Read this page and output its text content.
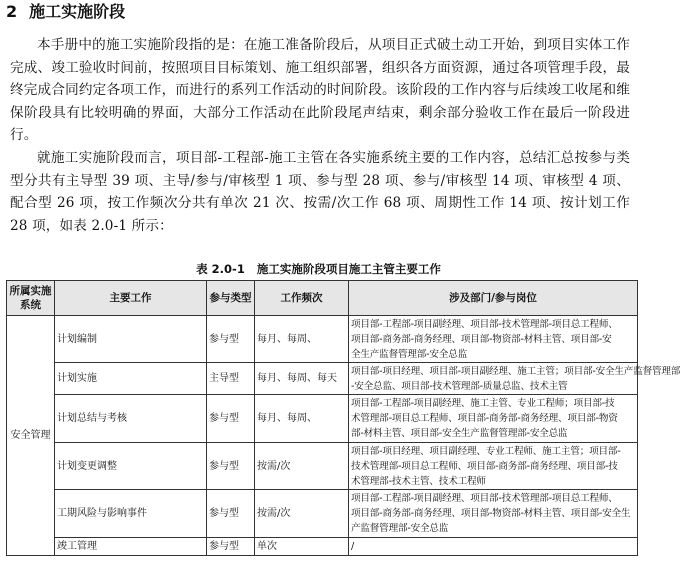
2 施工实施阶段

本手册中的施工实施阶段指的是：在施工准备阶段后，从项目正式破土动工开始，到项目实体工作完成、竣工验收时间前，按照项目目标策划、施工组织部署，组织各方面资源，通过各项管理手段，最终完成合同约定各项工作，而进行的系列工作活动的时间阶段。该阶段的工作内容与后续竣工收尾和维保阶段具有比较明确的界面，大部分工作活动在此阶段尾声结束，剩余部分验收工作在最后一阶段进行。

就施工实施阶段而言，项目部-工程部-施工主管在各实施系统主要的工作内容，总结汇总按参与类型分共有主导型 39 项、主导/参与/审核型 1 项、参与型 28 项、参与/审核型 14 项、审核型 4 项、配合型 26 项，按工作频次分共有单次 21 次、按需/次工作 68 项、周期性工作 14 项、按计划工作 28 项，如表 2.0-1 所示：

表 2.0-1 施工实施阶段项目施工主管主要工作
所属实施系统	主要工作	参与类型	工作频次	涉及部门/参与岗位
安全管理	计划编制	参与型	每月、每周、	项目部-工程部-项目副经理、项目部-技术管理部-项目总工程师、
项目部-商务部-商务经理、项目部-物资部-材料主管、项目部-安
全生产监督管理部-安全总监

	计划实施	主导型	每月、每周、每天	项目部-项目经理、项目部-项目副经理、施工主管；项目部-安全生产监督管理部
-安全总监、项目部-技术管理部-质量总监、技术主管

	计划总结与考核	参与型	每月、每周、	项目部-工程部-项目副经理、施工主管、专业工程师；项目部-技
术管理部-项目总工程师、项目部-商务部-商务经理、项目部-物资
部-材料主管、项目部-安全生产监督管理部-安全总监

	计划变更调整	参与型	按需/次	项目部-项目经理、项目副经理、专业工程师、施工主管；项目部-
技术管理部-项目总工程师、项目部-商务部-商务经理、项目部-技
术管理部-技术主管、技术工程师

	工期风险与影响事件	参与型	按需/次	项目部-工程部-项目副经理、项目部-技术管理部-项目总工程师、
项目部-商务部-商务经理、项目部-物资部-材料主管、项目部-安全生
产监督管理部-安全总监

	竣工管理	参与型	单次	/
